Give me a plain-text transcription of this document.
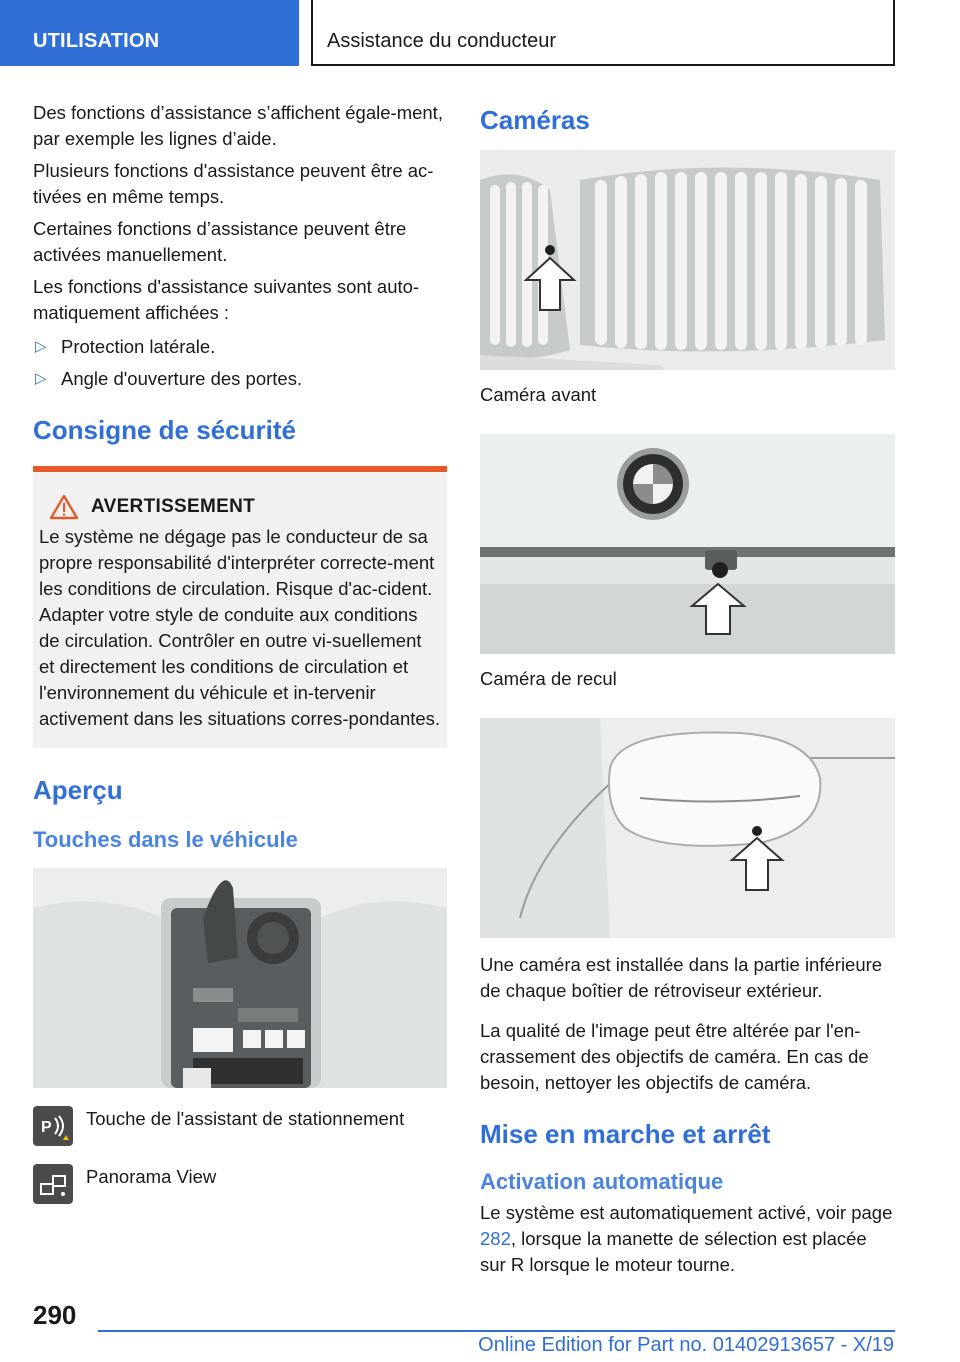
UTILISATION	Assistance du conducteur

Des fonctions d’assistance s’affichent égale-ment, par exemple les lignes d’aide.

Plusieurs fonctions d'assistance peuvent être ac-tivées en même temps.

Certaines fonctions d’assistance peuvent être activées manuellement.

Les fonctions d'assistance suivantes sont auto-matiquement affichées :

▷ Protection latérale.
▷ Angle d'ouverture des portes.
Consigne de sécurité
AVERTISSEMENT
Le système ne dégage pas le conducteur de sa propre responsabilité d'interpréter correcte-ment les conditions de circulation. Risque d'ac-cident. Adapter votre style de conduite aux conditions de circulation. Contrôler en outre vi-suellement et directement les conditions de circulation et l'environnement du véhicule et in-tervenir activement dans les situations corres-pondantes.
Aperçu
Touches dans le véhicule
P Touche de l'assistant de stationnement
Panorama View
Caméras
Caméra avant
Caméra de recul

Une caméra est installée dans la partie inférieure de chaque boîtier de rétroviseur extérieur.

La qualité de l'image peut être altérée par l'en-crassement des objectifs de caméra. En cas de besoin, nettoyer les objectifs de caméra.

Mise en marche et arrêt
Activation automatique

Le système est automatiquement activé, voir page 282, lorsque la manette de sélection est placée sur R lorsque le moteur tourne.

290
Online Edition for Part no. 01402913657 - X/19
